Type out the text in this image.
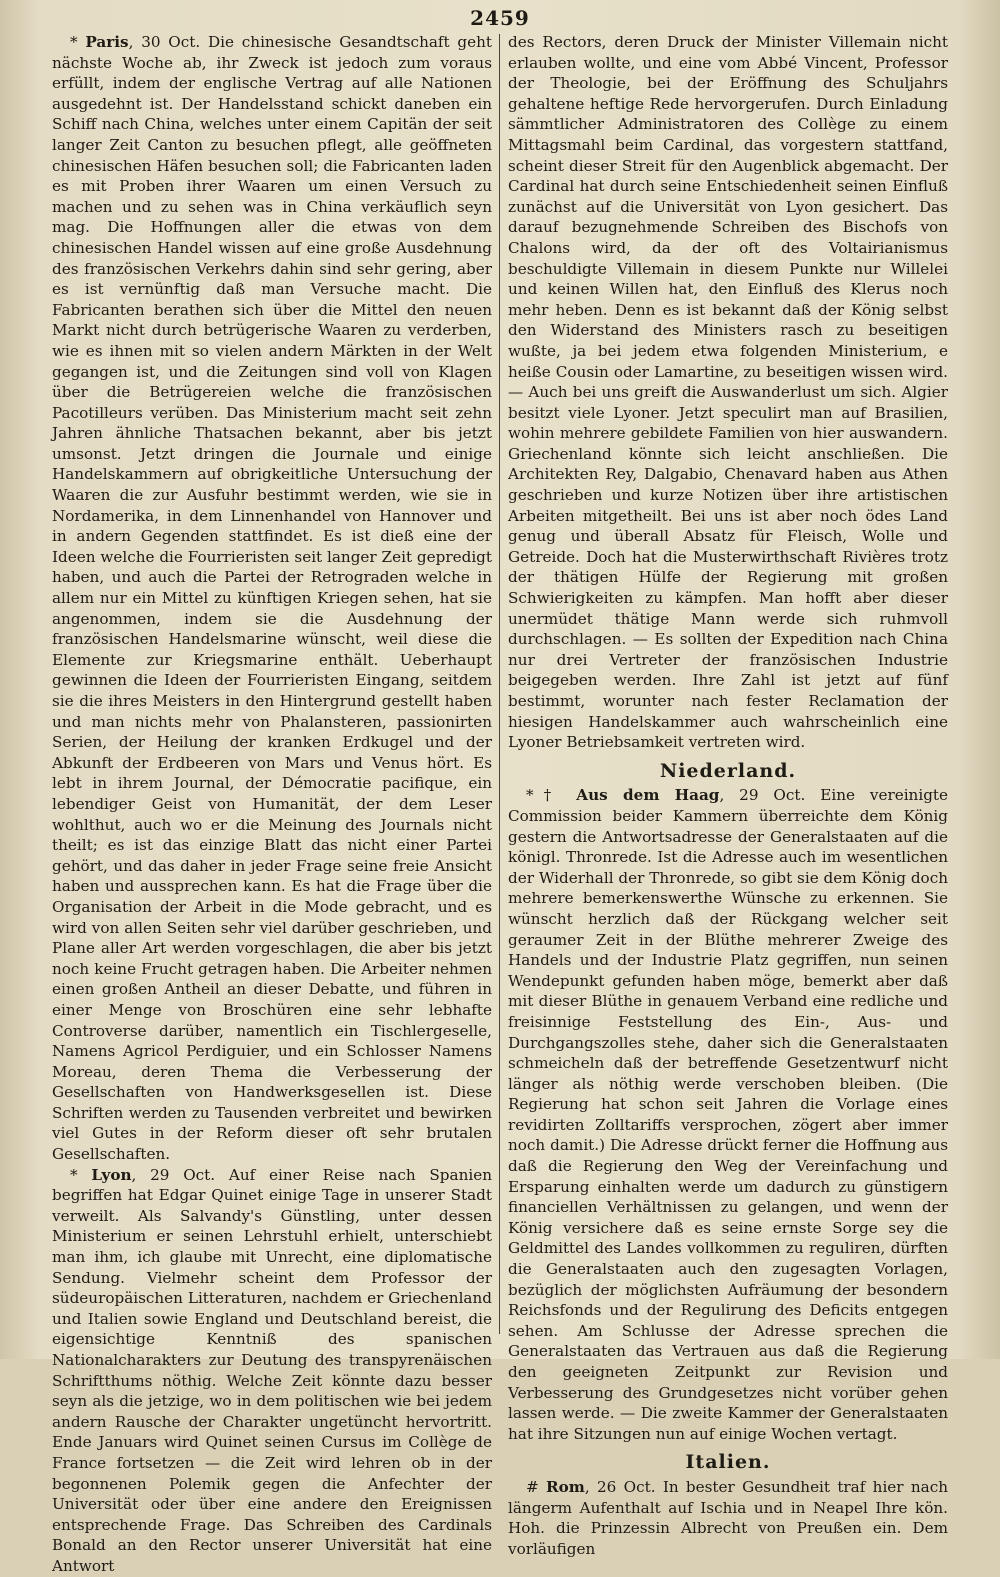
2459

* Paris, 30 Oct. Die chinesische Gesandtschaft geht nächste Woche ab, ihr Zweck ist jedoch zum voraus erfüllt, indem der englische Vertrag auf alle Nationen ausgedehnt ist. Der Handelsstand schickt daneben ein Schiff nach China, welches unter einem Capitän der seit langer Zeit Canton zu besuchen pflegt, alle geöffneten chinesischen Häfen besuchen soll; die Fabricanten laden es mit Proben ihrer Waaren um einen Versuch zu machen und zu sehen was in China verkäuflich seyn mag. Die Hoffnungen aller die etwas von dem chinesischen Handel wissen auf eine große Ausdehnung des französischen Verkehrs dahin sind sehr gering, aber es ist vernünftig daß man Versuche macht. Die Fabricanten berathen sich über die Mittel den neuen Markt nicht durch betrügerische Waaren zu verderben, wie es ihnen mit so vielen andern Märkten in der Welt gegangen ist, und die Zeitungen sind voll von Klagen über die Betrügereien welche die französischen Pacotilleurs verüben. Das Ministerium macht seit zehn Jahren ähnliche Thatsachen bekannt, aber bis jetzt umsonst. Jetzt dringen die Journale und einige Handelskammern auf obrigkeitliche Untersuchung der Waaren die zur Ausfuhr bestimmt werden, wie sie in Nordamerika, in dem Linnenhandel von Hannover und in andern Gegenden stattfindet. Es ist dieß eine der Ideen welche die Fourrieristen seit langer Zeit gepredigt haben, und auch die Partei der Retrograden welche in allem nur ein Mittel zu künftigen Kriegen sehen, hat sie angenommen, indem sie die Ausdehnung der französischen Handelsmarine wünscht, weil diese die Elemente zur Kriegsmarine enthält. Ueberhaupt gewinnen die Ideen der Fourrieristen Eingang, seitdem sie die ihres Meisters in den Hintergrund gestellt haben und man nichts mehr von Phalansteren, passionirten Serien, der Heilung der kranken Erdkugel und der Abkunft der Erdbeeren von Mars und Venus hört. Es lebt in ihrem Journal, der Démocratie pacifique, ein lebendiger Geist von Humanität, der dem Leser wohlthut, auch wo er die Meinung des Journals nicht theilt; es ist das einzige Blatt das nicht einer Partei gehört, und das daher in jeder Frage seine freie Ansicht haben und aussprechen kann. Es hat die Frage über die Organisation der Arbeit in die Mode gebracht, und es wird von allen Seiten sehr viel darüber geschrieben, und Plane aller Art werden vorgeschlagen, die aber bis jetzt noch keine Frucht getragen haben. Die Arbeiter nehmen einen großen Antheil an dieser Debatte, und führen in einer Menge von Broschüren eine sehr lebhafte Controverse darüber, namentlich ein Tischlergeselle, Namens Agricol Perdiguier, und ein Schlosser Namens Moreau, deren Thema die Verbesserung der Gesellschaften von Handwerksgesellen ist. Diese Schriften werden zu Tausenden verbreitet und bewirken viel Gutes in der Reform dieser oft sehr brutalen Gesellschaften.

* Lyon, 29 Oct. Auf einer Reise nach Spanien begriffen hat Edgar Quinet einige Tage in unserer Stadt verweilt. Als Salvandy's Günstling, unter dessen Ministerium er seinen Lehrstuhl erhielt, unterschiebt man ihm, ich glaube mit Unrecht, eine diplomatische Sendung. Vielmehr scheint dem Professor der südeuropäischen Litteraturen, nachdem er Griechenland und Italien sowie England und Deutschland bereist, die eigensichtige Kenntniß des spanischen Nationalcharakters zur Deutung des transpyrenäischen Schriftthums nöthig. Welche Zeit könnte dazu besser seyn als die jetzige, wo in dem politischen wie bei jedem andern Rausche der Charakter ungetüncht hervortritt. Ende Januars wird Quinet seinen Cursus im Collège de France fortsetzen — die Zeit wird lehren ob in der begonnenen Polemik gegen die Anfechter der Universität oder über eine andere den Ereignissen entsprechende Frage. Das Schreiben des Cardinals Bonald an den Rector unserer Universität hat eine Antwort

des Rectors, deren Druck der Minister Villemain nicht erlauben wollte, und eine vom Abbé Vincent, Professor der Theologie, bei der Eröffnung des Schuljahrs gehaltene heftige Rede hervorgerufen. Durch Einladung sämmtlicher Administratoren des Collège zu einem Mittagsmahl beim Cardinal, das vorgestern stattfand, scheint dieser Streit für den Augenblick abgemacht. Der Cardinal hat durch seine Entschiedenheit seinen Einfluß zunächst auf die Universität von Lyon gesichert. Das darauf bezugnehmende Schreiben des Bischofs von Chalons wird, da der oft des Voltairianismus beschuldigte Villemain in diesem Punkte nur Willelei und keinen Willen hat, den Einfluß des Klerus noch mehr heben. Denn es ist bekannt daß der König selbst den Widerstand des Ministers rasch zu beseitigen wußte, ja bei jedem etwa folgenden Ministerium, e heiße Cousin oder Lamartine, zu beseitigen wissen wird. — Auch bei uns greift die Auswanderlust um sich. Algier besitzt viele Lyoner. Jetzt speculirt man auf Brasilien, wohin mehrere gebildete Familien von hier auswandern. Griechenland könnte sich leicht anschließen. Die Architekten Rey, Dalgabio, Chenavard haben aus Athen geschrieben und kurze Notizen über ihre artistischen Arbeiten mitgetheilt. Bei uns ist aber noch ödes Land genug und überall Absatz für Fleisch, Wolle und Getreide. Doch hat die Musterwirthschaft Rivières trotz der thätigen Hülfe der Regierung mit großen Schwierigkeiten zu kämpfen. Man hofft aber dieser unermüdet thätige Mann werde sich ruhmvoll durchschlagen. — Es sollten der Expedition nach China nur drei Vertreter der französischen Industrie beigegeben werden. Ihre Zahl ist jetzt auf fünf bestimmt, worunter nach fester Reclamation der hiesigen Handelskammer auch wahrscheinlich eine Lyoner Betriebsamkeit vertreten wird.

Niederland.

*† Aus dem Haag, 29 Oct. Eine vereinigte Commission beider Kammern überreichte dem König gestern die Antwortsadresse der Generalstaaten auf die königl. Thronrede. Ist die Adresse auch im wesentlichen der Widerhall der Thronrede, so gibt sie dem König doch mehrere bemerkenswerthe Wünsche zu erkennen. Sie wünscht herzlich daß der Rückgang welcher seit geraumer Zeit in der Blüthe mehrerer Zweige des Handels und der Industrie Platz gegriffen, nun seinen Wendepunkt gefunden haben möge, bemerkt aber daß mit dieser Blüthe in genauem Verband eine redliche und freisinnige Feststellung des Ein-, Aus- und Durchgangszolles stehe, daher sich die Generalstaaten schmeicheln daß der betreffende Gesetzentwurf nicht länger als nöthig werde verschoben bleiben. (Die Regierung hat schon seit Jahren die Vorlage eines revidirten Zolltariffs versprochen, zögert aber immer noch damit.) Die Adresse drückt ferner die Hoffnung aus daß die Regierung den Weg der Vereinfachung und Ersparung einhalten werde um dadurch zu günstigern financiellen Verhältnissen zu gelangen, und wenn der König versichere daß es seine ernste Sorge sey die Geldmittel des Landes vollkommen zu reguliren, dürften die Generalstaaten auch den zugesagten Vorlagen, bezüglich der möglichsten Aufräumung der besondern Reichsfonds und der Regulirung des Deficits entgegen sehen. Am Schlusse der Adresse sprechen die Generalstaaten das Vertrauen aus daß die Regierung den geeigneten Zeitpunkt zur Revision und Verbesserung des Grundgesetzes nicht vorüber gehen lassen werde. — Die zweite Kammer der Generalstaaten hat ihre Sitzungen nun auf einige Wochen vertagt.

Italien.

# Rom, 26 Oct. In bester Gesundheit traf hier nach längerm Aufenthalt auf Ischia und in Neapel Ihre kön. Hoh. die Prinzessin Albrecht von Preußen ein. Dem vorläufigen
